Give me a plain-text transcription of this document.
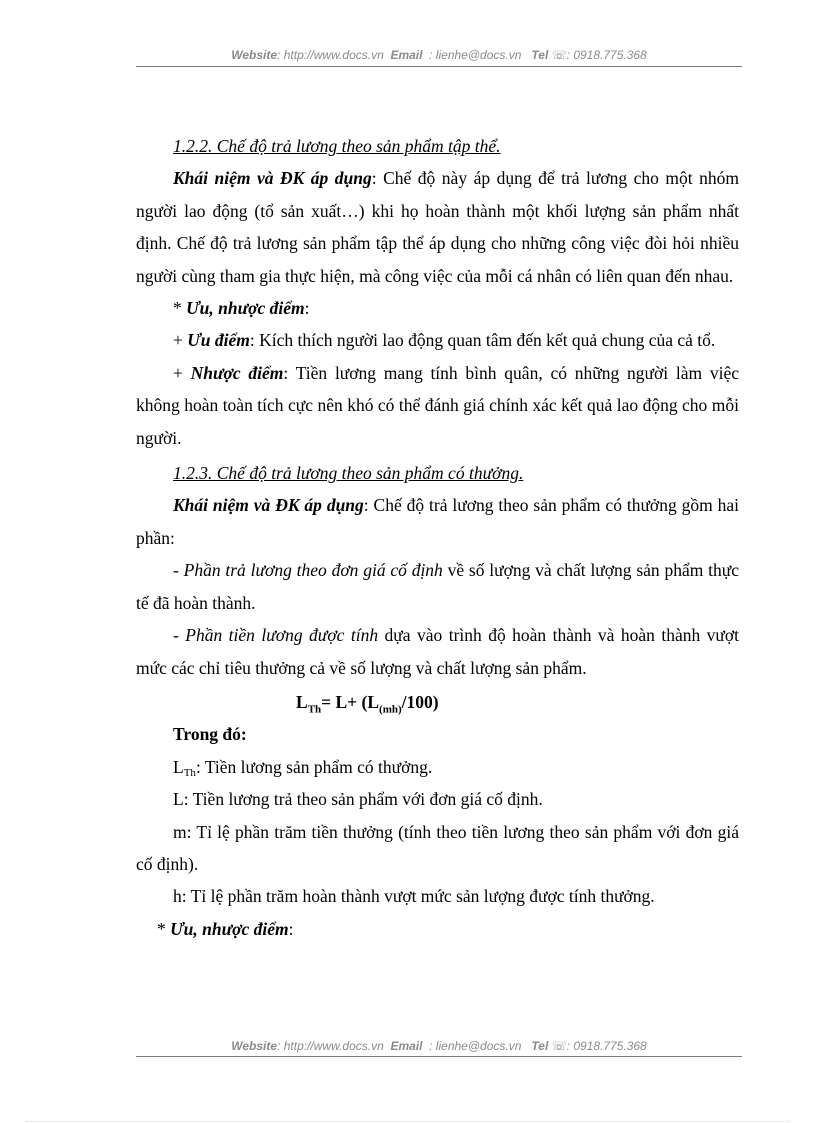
Website: http://www.docs.vn Email : lienhe@docs.vn Tel ☏: 0918.775.368

1.2.2. Chế độ trả lương theo sản phẩm tập thể.

Khái niệm và ĐK áp dụng: Chế độ này áp dụng để trả lương cho một nhóm người lao động (tổ sản xuất…) khi họ hoàn thành một khối lượng sản phẩm nhất định. Chế độ trả lương sản phẩm tập thể áp dụng cho những công việc đòi hỏi nhiều người cùng tham gia thực hiện, mà công việc của mỗi cá nhân có liên quan đến nhau.

* Ưu, nhược điểm:

+ Ưu điểm: Kích thích người lao động quan tâm đến kết quả chung của cả tổ.

+ Nhược điểm: Tiền lương mang tính bình quân, có những người làm việc không hoàn toàn tích cực nên khó có thể đánh giá chính xác kết quả lao động cho mỗi người.

1.2.3. Chế độ trả lương theo sản phẩm có thưởng.

Khái niệm và ĐK áp dụng: Chế độ trả lương theo sản phẩm có thưởng gồm hai phần:

- Phần trả lương theo đơn giá cố định về số lượng và chất lượng sản phẩm thực tế đã hoàn thành.

- Phần tiền lương được tính dựa vào trình độ hoàn thành và hoàn thành vượt mức các chỉ tiêu thưởng cả về số lượng và chất lượng sản phẩm.

$L_{Th}= L+ (L_{(mh)}/100)$

Trong đó:

LTh: Tiền lương sản phẩm có thưởng.

L: Tiền lương trả theo sản phẩm với đơn giá cố định.

m: Tỉ lệ phần trăm tiền thưởng (tính theo tiền lương theo sản phẩm với đơn giá cố định).

h: Tỉ lệ phần trăm hoàn thành vượt mức sản lượng được tính thưởng.

* Ưu, nhược điểm:

Website: http://www.docs.vn Email : lienhe@docs.vn Tel ☏: 0918.775.368
